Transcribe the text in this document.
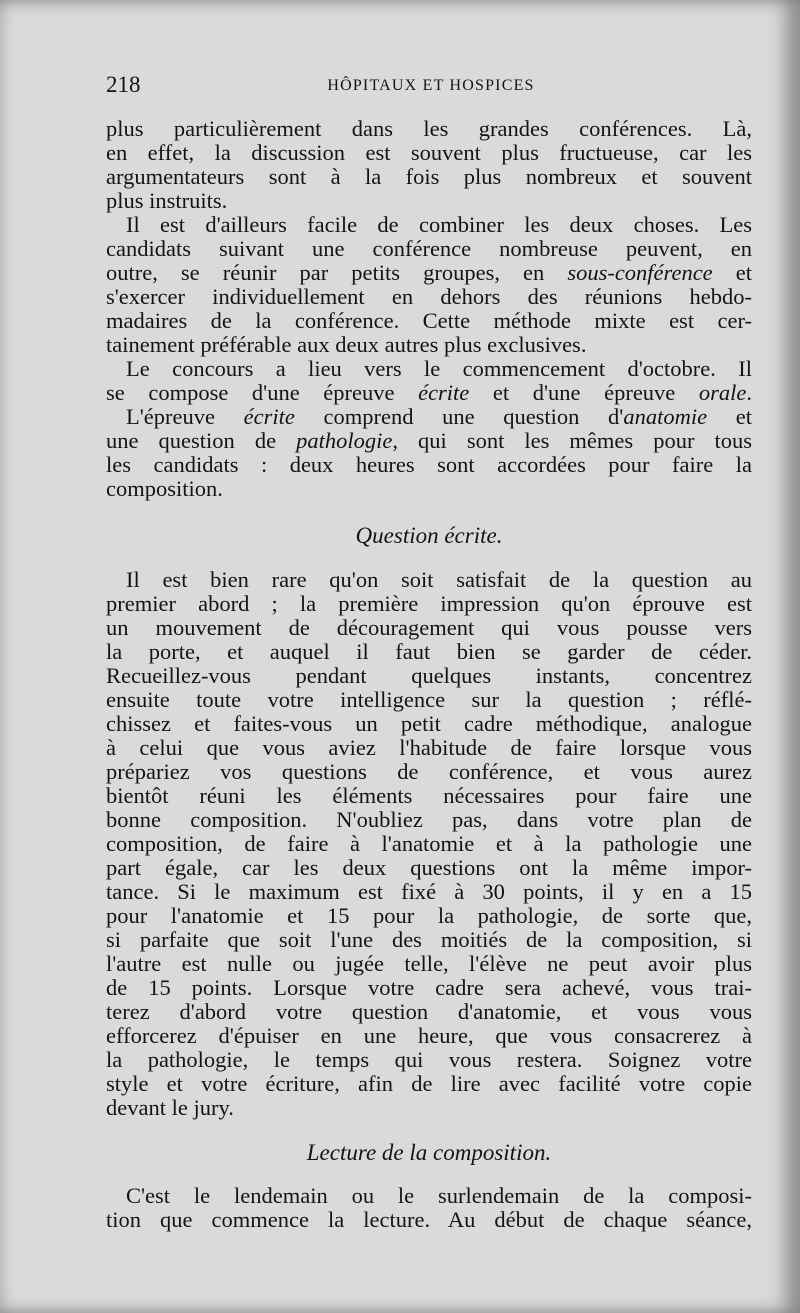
218	HÔPITAUX ET HOSPICES
plus particulièrement dans les grandes conférences. Là,
en effet, la discussion est souvent plus fructueuse, car les
argumentateurs sont à la fois plus nombreux et souvent
plus instruits.
Il est d'ailleurs facile de combiner les deux choses. Les
candidats suivant une conférence nombreuse peuvent, en
outre, se réunir par petits groupes, en sous-conférence et
s'exercer individuellement en dehors des réunions hebdo-
madaires de la conférence. Cette méthode mixte est cer-
tainement préférable aux deux autres plus exclusives.
Le concours a lieu vers le commencement d'octobre. Il
se compose d'une épreuve écrite et d'une épreuve orale.
L'épreuve écrite comprend une question d'anatomie et
une question de pathologie, qui sont les mêmes pour tous
les candidats : deux heures sont accordées pour faire la
composition.
Question écrite.
Il est bien rare qu'on soit satisfait de la question au
premier abord ; la première impression qu'on éprouve est
un mouvement de découragement qui vous pousse vers
la porte, et auquel il faut bien se garder de céder.
Recueillez-vous pendant quelques instants, concentrez
ensuite toute votre intelligence sur la question ; réflé-
chissez et faites-vous un petit cadre méthodique, analogue
à celui que vous aviez l'habitude de faire lorsque vous
prépariez vos questions de conférence, et vous aurez
bientôt réuni les éléments nécessaires pour faire une
bonne composition. N'oubliez pas, dans votre plan de
composition, de faire à l'anatomie et à la pathologie une
part égale, car les deux questions ont la même impor-
tance. Si le maximum est fixé à 30 points, il y en a 15
pour l'anatomie et 15 pour la pathologie, de sorte que,
si parfaite que soit l'une des moitiés de la composition, si
l'autre est nulle ou jugée telle, l'élève ne peut avoir plus
de 15 points. Lorsque votre cadre sera achevé, vous trai-
terez d'abord votre question d'anatomie, et vous vous
efforcerez d'épuiser en une heure, que vous consacrerez à
la pathologie, le temps qui vous restera. Soignez votre
style et votre écriture, afin de lire avec facilité votre copie
devant le jury.
Lecture de la composition.
C'est le lendemain ou le surlendemain de la composi-
tion que commence la lecture. Au début de chaque séance,
